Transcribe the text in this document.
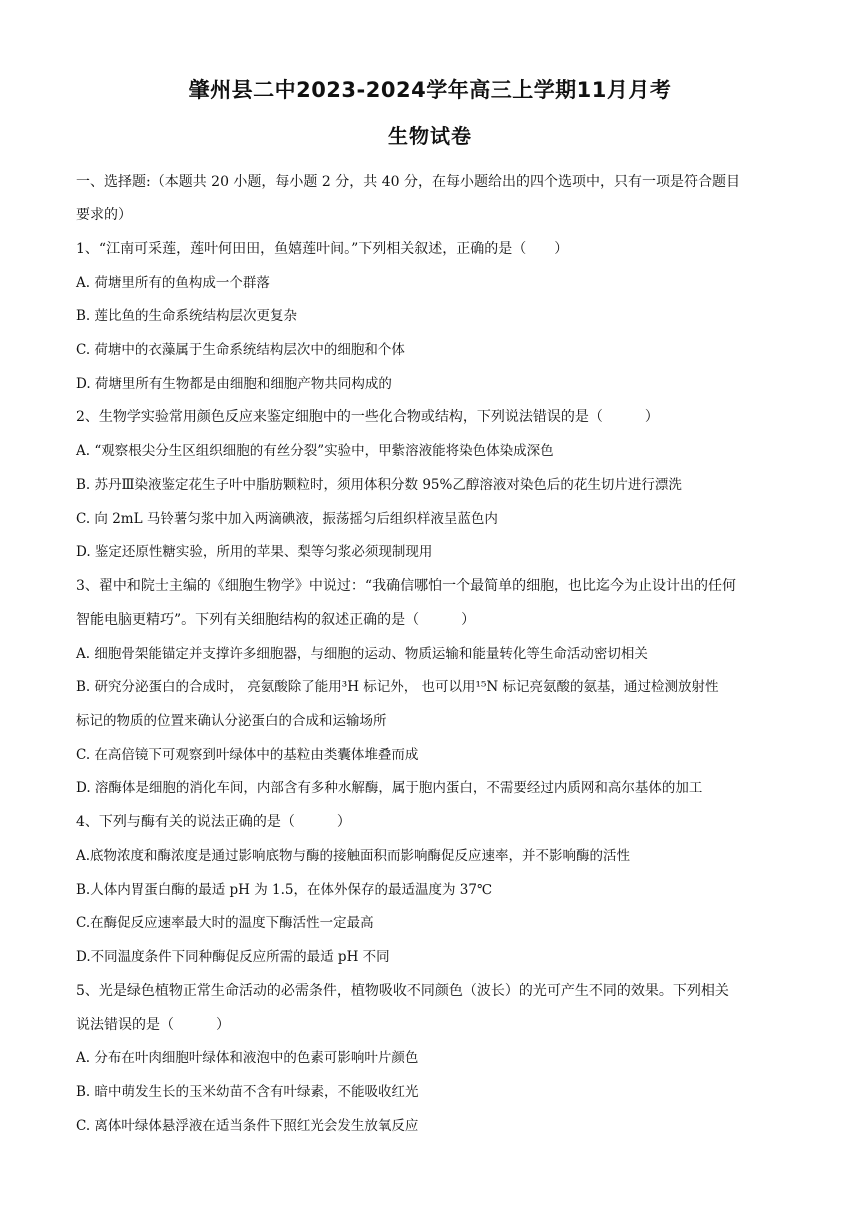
肇州县二中2023-2024学年高三上学期11月月考
生物试卷
一、选择题:（本题共 20 小题，每小题 2 分，共 40 分，在每小题给出的四个选项中，只有一项是符合题目
要求的）
1、“江南可采莲，莲叶何田田，鱼嬉莲叶间。”下列相关叙述，正确的是（　　）
A. 荷塘里所有的鱼构成一个群落
B. 莲比鱼的生命系统结构层次更复杂
C. 荷塘中的衣藻属于生命系统结构层次中的细胞和个体
D. 荷塘里所有生物都是由细胞和细胞产物共同构成的
2、生物学实验常用颜色反应来鉴定细胞中的一些化合物或结构，下列说法错误的是（　　　）
A. “观察根尖分生区组织细胞的有丝分裂”实验中，甲紫溶液能将染色体染成深色
B. 苏丹Ⅲ染液鉴定花生子叶中脂肪颗粒时，须用体积分数 95%乙醇溶液对染色后的花生切片进行漂洗
C. 向 2mL 马铃薯匀浆中加入两滴碘液，振荡摇匀后组织样液呈蓝色内
D. 鉴定还原性糖实验，所用的苹果、梨等匀浆必须现制现用
3、翟中和院士主编的《细胞生物学》中说过：“我确信哪怕一个最简单的细胞，也比迄今为止设计出的任何
智能电脑更精巧”。下列有关细胞结构的叙述正确的是（　　　）
A. 细胞骨架能锚定并支撑许多细胞器，与细胞的运动、物质运输和能量转化等生命活动密切相关
B. 研究分泌蛋白的合成时， 亮氨酸除了能用³H 标记外， 也可以用¹⁵N 标记亮氨酸的氨基，通过检测放射性
标记的物质的位置来确认分泌蛋白的合成和运输场所
C. 在高倍镜下可观察到叶绿体中的基粒由类囊体堆叠而成
D. 溶酶体是细胞的消化车间，内部含有多种水解酶，属于胞内蛋白，不需要经过内质网和高尔基体的加工
4、下列与酶有关的说法正确的是（　　　）
A.底物浓度和酶浓度是通过影响底物与酶的接触面积而影响酶促反应速率，并不影响酶的活性
B.人体内胃蛋白酶的最适 pH 为 1.5，在体外保存的最适温度为 37℃
C.在酶促反应速率最大时的温度下酶活性一定最高
D.不同温度条件下同种酶促反应所需的最适 pH 不同
5、光是绿色植物正常生命活动的必需条件，植物吸收不同颜色（波长）的光可产生不同的效果。下列相关
说法错误的是（　　　）
A. 分布在叶肉细胞叶绿体和液泡中的色素可影响叶片颜色
B. 暗中萌发生长的玉米幼苗不含有叶绿素，不能吸收红光
C. 离体叶绿体悬浮液在适当条件下照红光会发生放氧反应
